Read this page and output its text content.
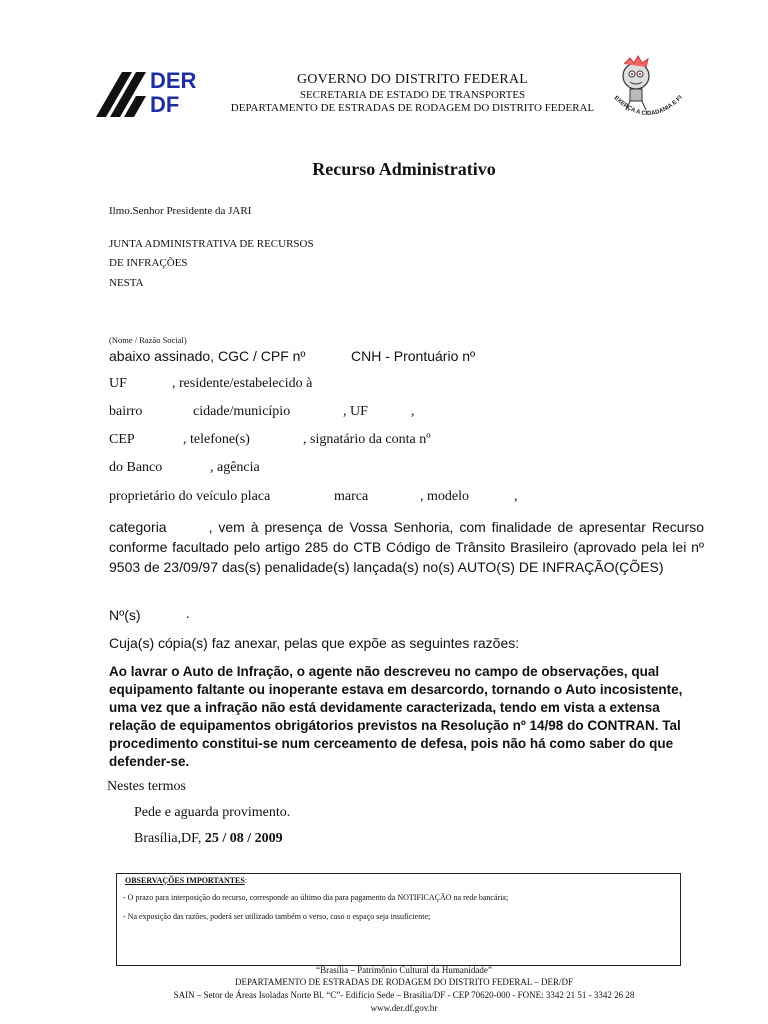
DER
DF
GOVERNO DO DISTRITO FEDERAL
SECRETARIA DE ESTADO DE TRANSPORTES
DEPARTAMENTO DE ESTRADAS DE RODAGEM DO DISTRITO FEDERAL
EXERÇA A CIDADANIA E FI
Recurso Administrativo
Ilmo.Senhor Presidente da JARI
JUNTA ADMINISTRATIVA DE RECURSOS
DE INFRAÇÕES
NESTA
(Nome / Razão Social)
abaixo assinado, CGC / CPF nº	CNH - Prontuário nº
UF	, residente/estabelecido à
bairro	cidade/município	, UF	,
CEP	, telefone(s)	, signatário da conta nº
do Banco	, agência
proprietário do veículo placa	marca	, modelo	,
categoria	, vem à presença de Vossa Senhoria, com finalidade de apresentar Recurso conforme facultado pelo artigo 285 do CTB Código de Trânsito Brasileiro (aprovado pela lei nº 9503 de 23/09/97 das(s) penalidade(s) lançada(s) no(s) AUTO(S) DE INFRAÇÃO(ÇÕES)
Nº(s)	.
Cuja(s) cópia(s) faz anexar, pelas que expõe as seguintes razões:
Ao lavrar o Auto de Infração, o agente não descreveu no campo de observações, qual equipamento faltante ou inoperante estava em desarcordo, tornando o Auto incosistente, uma vez que a infração não está devidamente caracterizada, tendo em vista a extensa relação de equipamentos obrigátorios previstos na Resolução nº 14/98 do CONTRAN. Tal procedimento constitui-se num cerceamento de defesa, pois não há como saber do que defender-se.
Nestes termos
Pede e aguarda provimento.
Brasília,DF, 25 / 08 / 2009
OBSERVAÇÕES IMPORTANTES:
- O prazo para interposição do recurso, corresponde ao último dia para pagamento da NOTIFICAÇÃO na rede bancária;
- Na exposição das razões, poderá ser utilizado também o verso, caso o espaço seja insuficiente;
“Brasília – Patrimônio Cultural da Humanidade”
DEPARTAMENTO DE ESTRADAS DE RODAGEM DO DISTRITO FEDERAL – DER/DF
SAIN – Setor de Áreas Isoladas Norte Bl. “C”- Edifício Sede – Brasília/DF - CEP 70620-000 - FONE: 3342 21 51 - 3342 26 28
www.der.df.gov.br
